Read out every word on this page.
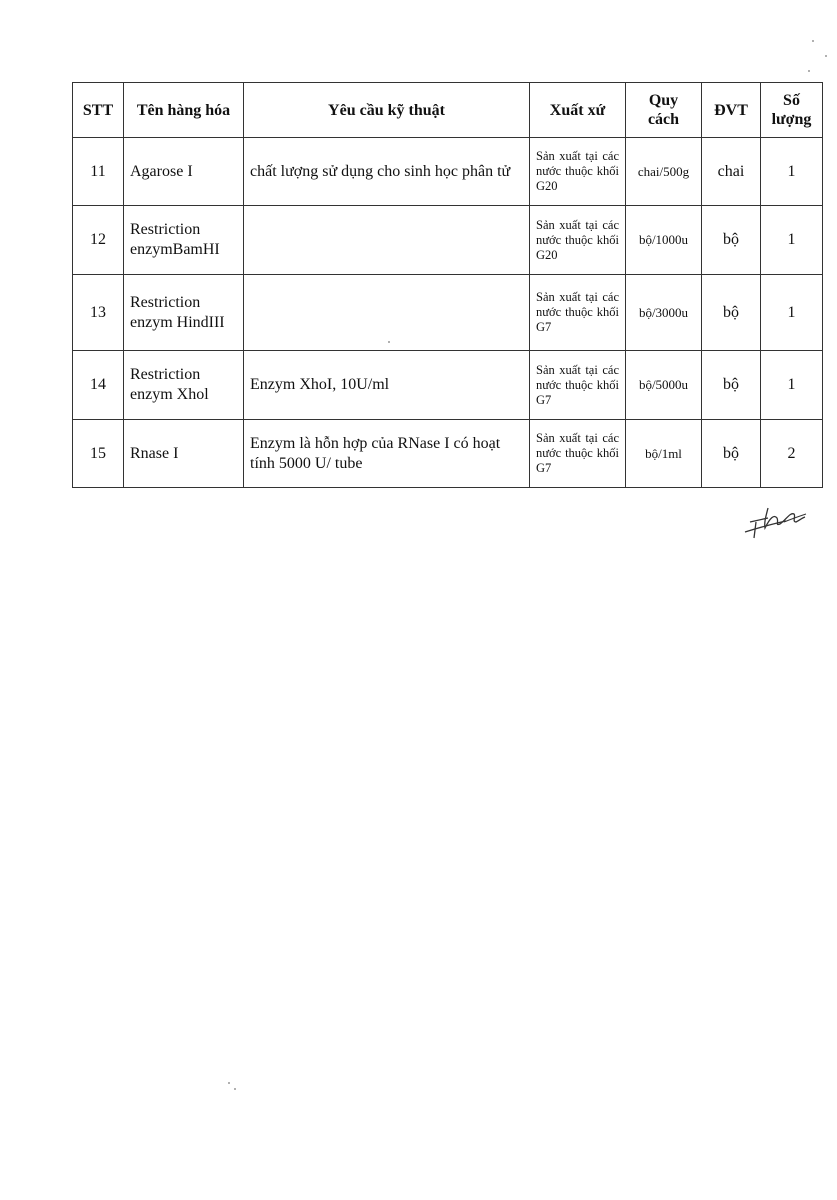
STT	Tên hàng hóa	Yêu cầu kỹ thuật	Xuất xứ	Quy cách	ĐVT	Số lượng
11	Agarose I	chất lượng sử dụng cho sinh học phân tử	Sản xuất tại các nước thuộc khối G20	chai/500g	chai	1
12	Restriction enzymBamHI		Sản xuất tại các nước thuộc khối G20	bộ/1000u	bộ	1
13	Restriction enzym HindIII		Sản xuất tại các nước thuộc khối G7	bộ/3000u	bộ	1
14	Restriction enzym Xhol	Enzym XhoI, 10U/ml	Sản xuất tại các nước thuộc khối G7	bộ/5000u	bộ	1
15	Rnase I	Enzym là hỗn hợp của RNase I có hoạt tính 5000 U/ tube	Sản xuất tại các nước thuộc khối G7	bộ/1ml	bộ	2
